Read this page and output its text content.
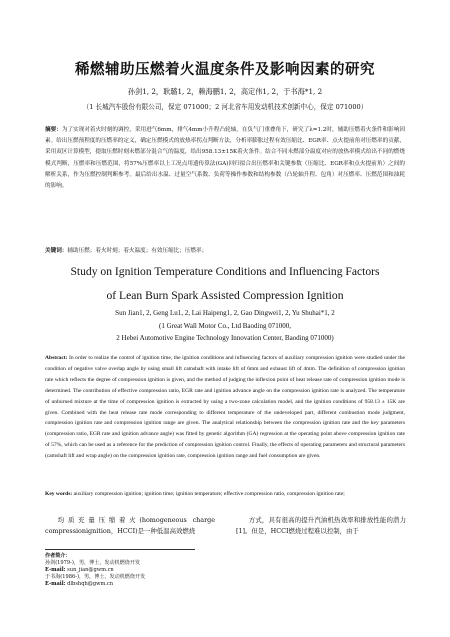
稀燃辅助压燃着火温度条件及影响因素的研究
孙剑1, 2，耿璐1, 2，赖海鹏1, 2，高定伟1, 2，于书海*1, 2
（1 长城汽车股份有限公司，保定 071000；2 河北省车用发动机技术创新中心，保定 071000）
摘要：为了实现对着火时刻的调控，采用进气6mm，排气4mm小升程凸轮轴，在负气门重叠角下，研究了λ=1.2时，辅助压燃着火条件和影响因素。给出压燃预程度的压燃率的定义，确定压燃模式的放热率拐点判断方法，分析率膨胀过程有效压缩比、EGR率、点火提前角对压燃率的贡献，采用双区计算模型，提取压燃时刻未燃部分混合气的温度，给出958.13±15K着火条件。结合不同未燃部分温度对应的放热率模式给出不同的燃烧模式判断，压燃率和压燃范围，将57%压燃率以上工况点用遗传算法(GA)回归拟合出压燃率和关键参数（压缩比、EGR率和点火提前角）之间的解析关系，作为压燃控制判断参考。最后给出水温、过量空气系数、负荷等操作参数和结构参数（凸轮轴升程、包角）对压燃率、压燃范围和油耗的影响。
关键词：辅助压燃；着火时刻；着火温度；有效压缩比；压燃率；
Study on Ignition Temperature Conditions and Influencing Factors
of Lean Burn Spark Assisted Compression Ignition
Sun Jian1, 2, Geng Lu1, 2, Lai Haipeng1, 2, Gao Dingwei1, 2, Yu Shuhai*1, 2
(1 Great Wall Motor Co., Ltd Baoding 071000,
2 Hebei Automotive Engine Technology Innovation Center, Baoding 071000)
Abstract: In order to realize the control of ignition time, the ignition conditions and influencing factors of auxiliary compression ignition were studied under the condition of negative valve overlap angle by using small lift camshaft with intake lift of 6mm and exhaust lift of 4mm. The definition of compression ignition rate which reflects the degree of compression ignition is given, and the method of judging the inflexion point of heat release rate of compression ignition mode is determined. The contribution of effective compression ratio, EGR rate and ignition advance angle on the compression ignition rate is analyzed. The temperature of unburned mixture at the time of compression ignition is extracted by using a two-zone calculation model, and the ignition conditions of 958.13 ± 15K are given. Combined with the heat release rate mode corresponding to different temperature of the undeveloped part, different combustion mode judgment, compression ignition rate and compression ignition range are given. The analytical relationship between the compression ignition rate and the key parameters (compression ratio, EGR rate and ignition advance angle) was fitted by genetic algorithm (GA) regression at the operating point above compression ignition rate of 57%, which can be used as a reference for the prediction of compression ignition control. Finally, the effects of operating parameters and structural parameters (camshaft lift and wrap angle) on the compression ignition rate, compression ignition range and fuel consumption are given.
Key words: auxiliary compression ignition; ignition time; ignition temperature; effective compression ratio, compression ignition rate;

均质充量压缩着火(homogeneous charge compressionignition，HCCI)是一种低温高效燃烧

方式，具有很高的提升汽油机热效率和排放性能的潜力[1]。但是，HCCI燃烧过程难以控制，由于

作者简介：
孙剑(1979-)，男，博士，发动机燃烧开发
E-mail: sun_jian@gwm.cn
于书海(1986-)，男，博士，发动机燃烧开发
E-mail: dlbshqh@gwm.cn
